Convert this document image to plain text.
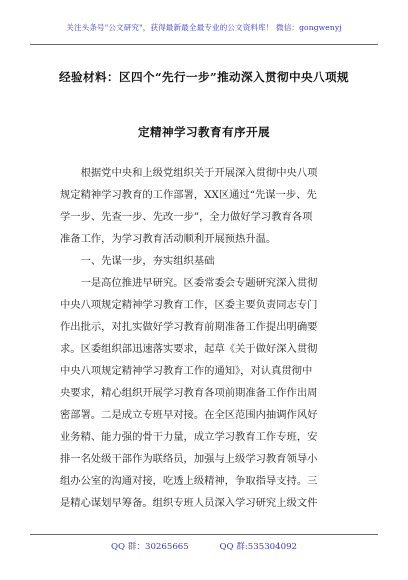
关注头条号"公文研究"，获得最新最全最专业的公文资料库！ 微信：gongwenyj
经验材料：区四个“先行一步”推动深入贯彻中央八项规
定精神学习教育有序开展
　　根据党中央和上级党组织关于开展深入贯彻中央八项
规定精神学习教育的工作部署，XX区通过“先谋一步、先
学一步、先查一步、先改一步”，全力做好学习教育各项
准备工作，为学习教育活动顺利开展预热升温。
　　一、先谋一步，夯实组织基础
　　一是高位推进早研究。区委常委会专题研究深入贯彻
中央八项规定精神学习教育工作，区委主要负责同志专门
作出批示，对扎实做好学习教育前期准备工作提出明确要
求。区委组织部迅速落实要求，起草《关于做好深入贯彻
中央八项规定精神学习教育工作的通知》，对认真贯彻中
央要求，精心组织开展学习教育各项前期准备工作作出周
密部署。二是成立专班早对接。在全区范围内抽调作风好
业务精、能力强的骨干力量，成立学习教育工作专班，安
排一名处级干部作为联络员，加强与上级学习教育领导小
组办公室的沟通对接，吃透上级精神，争取指导支持。三
是精心谋划早筹备。组织专班人员深入学习研究上级文件
QQ 群：30265665	QQ 群:535304092
